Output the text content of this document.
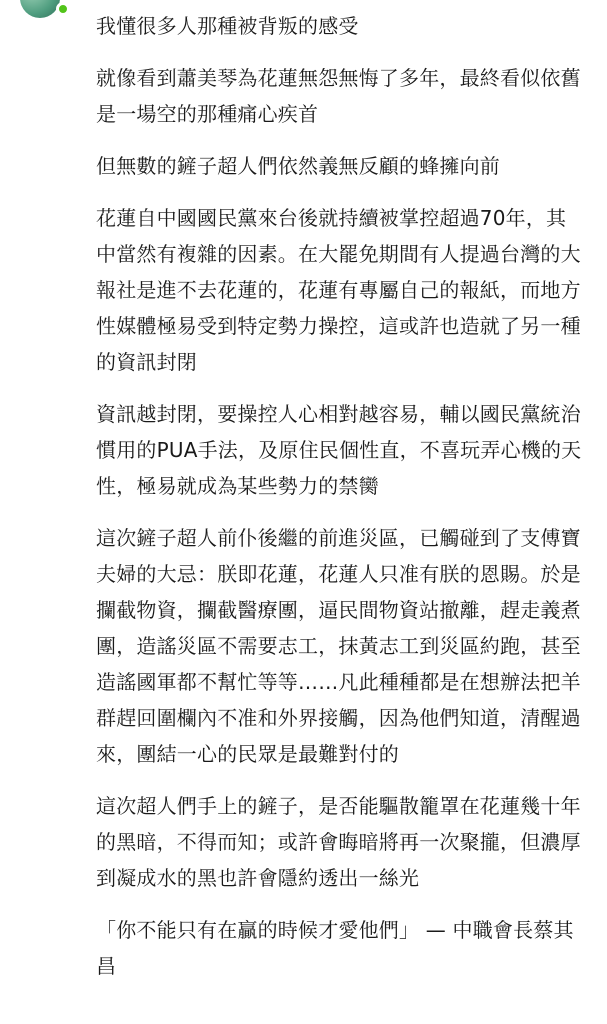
我懂很多人那種被背叛的感受

就像看到蕭美琴為花蓮無怨無悔了多年，最終看似依舊是一場空的那種痛心疾首

但無數的鏟子超人們依然義無反顧的蜂擁向前

花蓮自中國國民黨來台後就持續被掌控超過70年，其中當然有複雜的因素。在大罷免期間有人提過台灣的大報社是進不去花蓮的，花蓮有專屬自己的報紙，而地方性媒體極易受到特定勢力操控，這或許也造就了另一種的資訊封閉

資訊越封閉，要操控人心相對越容易，輔以國民黨統治慣用的PUA手法，及原住民個性直，不喜玩弄心機的天性，極易就成為某些勢力的禁臠

這次鏟子超人前仆後繼的前進災區，已觸碰到了支傅寶夫婦的大忌：朕即花蓮，花蓮人只准有朕的恩賜。於是攔截物資，攔截醫療團，逼民間物資站撤離，趕走義煮團，造謠災區不需要志工，抹黃志工到災區約跑，甚至造謠國軍都不幫忙等等……凡此種種都是在想辦法把羊群趕回圍欄內不准和外界接觸，因為他們知道，清醒過來，團結一心的民眾是最難對付的

這次超人們手上的鏟子，是否能驅散籠罩在花蓮幾十年的黑暗，不得而知；或許會晦暗將再一次聚攏，但濃厚到凝成水的黑也許會隱約透出一絲光

「你不能只有在贏的時候才愛他們」 — 中職會長蔡其昌
